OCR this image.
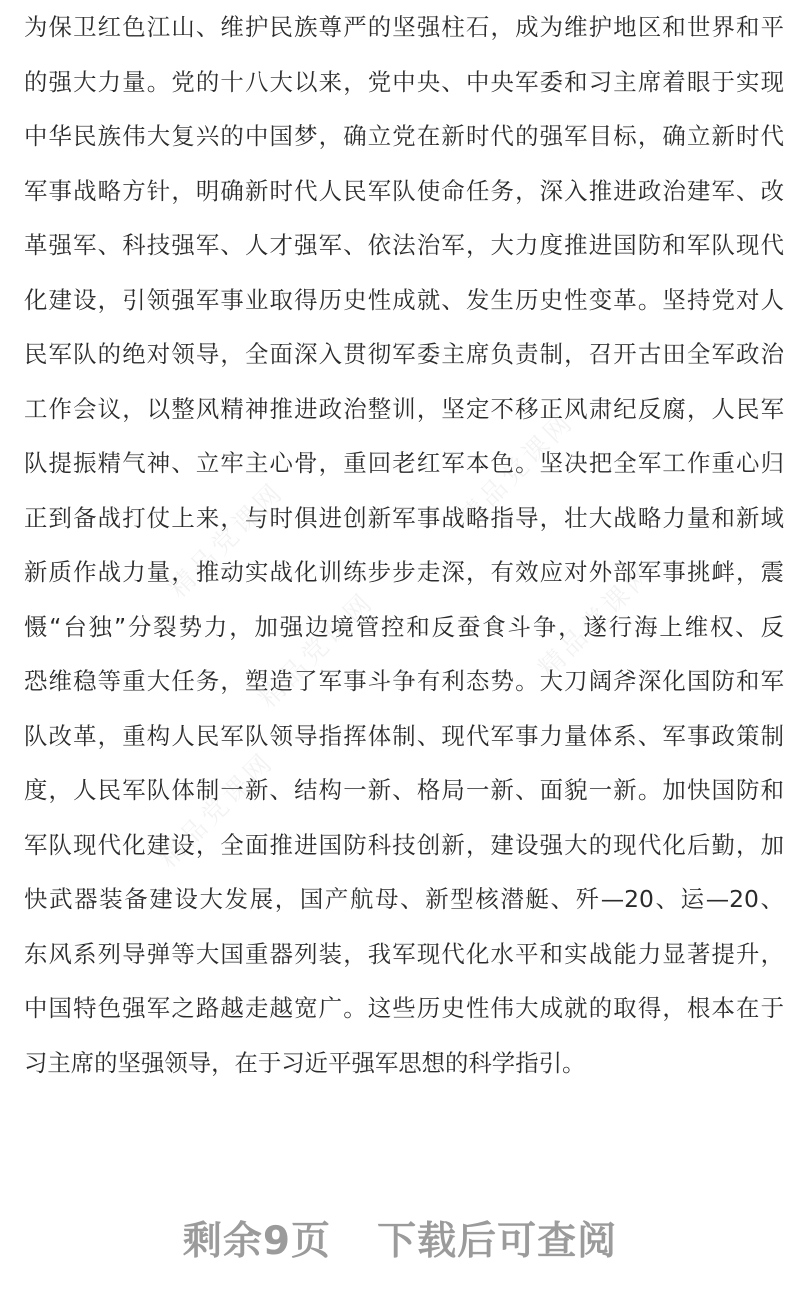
精品党课网
精品党课网
精品党课网
精品党课网
精品党课网
为保卫红色江山、维护民族尊严的坚强柱石，成为维护地区和世界和平
的强大力量。党的十八大以来，党中央、中央军委和习主席着眼于实现
中华民族伟大复兴的中国梦，确立党在新时代的强军目标，确立新时代
军事战略方针，明确新时代人民军队使命任务，深入推进政治建军、改
革强军、科技强军、人才强军、依法治军，大力度推进国防和军队现代
化建设，引领强军事业取得历史性成就、发生历史性变革。坚持党对人
民军队的绝对领导，全面深入贯彻军委主席负责制，召开古田全军政治
工作会议，以整风精神推进政治整训，坚定不移正风肃纪反腐，人民军
队提振精气神、立牢主心骨，重回老红军本色。坚决把全军工作重心归
正到备战打仗上来，与时俱进创新军事战略指导，壮大战略力量和新域
新质作战力量，推动实战化训练步步走深，有效应对外部军事挑衅，震
慑“台独”分裂势力，加强边境管控和反蚕食斗争，遂行海上维权、反
恐维稳等重大任务，塑造了军事斗争有利态势。大刀阔斧深化国防和军
队改革，重构人民军队领导指挥体制、现代军事力量体系、军事政策制
度，人民军队体制一新、结构一新、格局一新、面貌一新。加快国防和
军队现代化建设，全面推进国防科技创新，建设强大的现代化后勤，加
快武器装备建设大发展，国产航母、新型核潜艇、歼—20、运—20、
东风系列导弹等大国重器列装，我军现代化水平和实战能力显著提升，
中国特色强军之路越走越宽广。这些历史性伟大成就的取得，根本在于
习主席的坚强领导，在于习近平强军思想的科学指引。
剩余9页 下载后可查阅
